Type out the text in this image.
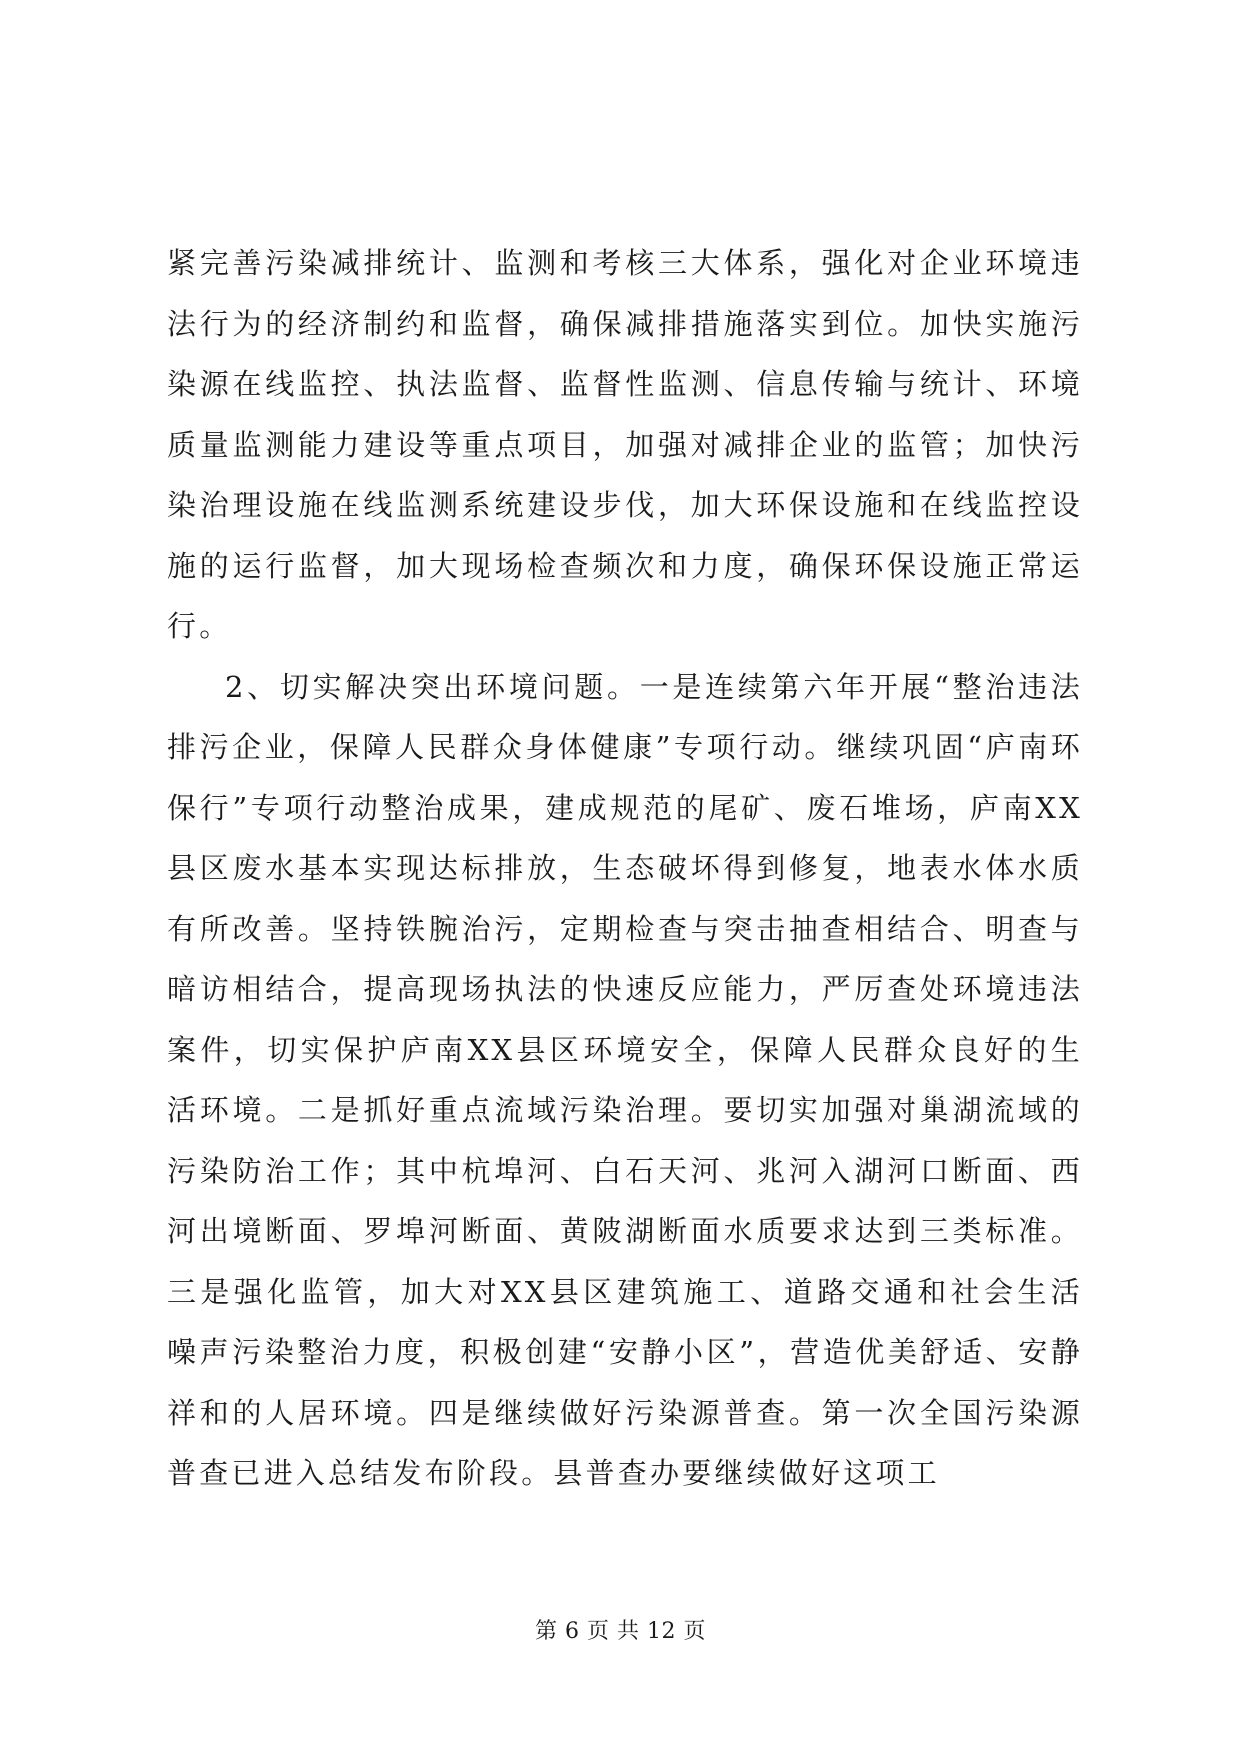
紧完善污染减排统计、监测和考核三大体系，强化对企业环境违法行为的经济制约和监督，确保减排措施落实到位。加快实施污染源在线监控、执法监督、监督性监测、信息传输与统计、环境质量监测能力建设等重点项目，加强对减排企业的监管；加快污染治理设施在线监测系统建设步伐，加大环保设施和在线监控设施的运行监督，加大现场检查频次和力度，确保环保设施正常运行。

2、切实解决突出环境问题。一是连续第六年开展“整治违法排污企业，保障人民群众身体健康”专项行动。继续巩固“庐南环保行”专项行动整治成果，建成规范的尾矿、废石堆场，庐南XX县区废水基本实现达标排放，生态破坏得到修复，地表水体水质有所改善。坚持铁腕治污，定期检查与突击抽查相结合、明查与暗访相结合，提高现场执法的快速反应能力，严厉查处环境违法案件，切实保护庐南XX县区环境安全，保障人民群众良好的生活环境。二是抓好重点流域污染治理。要切实加强对巢湖流域的污染防治工作；其中杭埠河、白石天河、兆河入湖河口断面、西河出境断面、罗埠河断面、黄陂湖断面水质要求达到三类标准。三是强化监管，加大对XX县区建筑施工、道路交通和社会生活噪声污染整治力度，积极创建“安静小区”，营造优美舒适、安静祥和的人居环境。四是继续做好污染源普查。第一次全国污染源普查已进入总结发布阶段。县普查办要继续做好这项工

第 6 页 共 12 页
